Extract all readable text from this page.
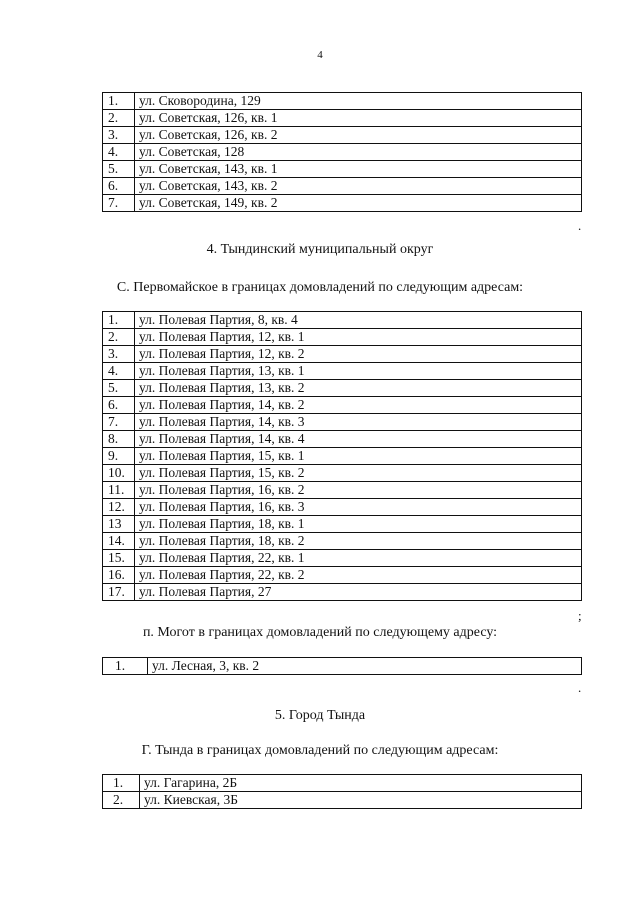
4
1.	ул. Сковородина, 129
2.	ул. Советская, 126, кв. 1
3.	ул. Советская, 126, кв. 2
4.	ул. Советская, 128
5.	ул. Советская, 143, кв. 1
6.	ул. Советская, 143, кв. 2
7.	ул. Советская, 149, кв. 2
.
4. Тындинский муниципальный округ
С. Первомайское в границах домовладений по следующим адресам:
1.	ул. Полевая Партия, 8, кв. 4
2.	ул. Полевая Партия, 12, кв. 1
3.	ул. Полевая Партия, 12, кв. 2
4.	ул. Полевая Партия, 13, кв. 1
5.	ул. Полевая Партия, 13, кв. 2
6.	ул. Полевая Партия, 14, кв. 2
7.	ул. Полевая Партия, 14, кв. 3
8.	ул. Полевая Партия, 14, кв. 4
9.	ул. Полевая Партия, 15, кв. 1
10.	ул. Полевая Партия, 15, кв. 2
11.	ул. Полевая Партия, 16, кв. 2
12.	ул. Полевая Партия, 16, кв. 3
13	ул. Полевая Партия, 18, кв. 1
14.	ул. Полевая Партия, 18, кв. 2
15.	ул. Полевая Партия, 22, кв. 1
16.	ул. Полевая Партия, 22, кв. 2
17.	ул. Полевая Партия, 27
;
п. Могот в границах домовладений по следующему адресу:
1.	ул. Лесная, 3, кв. 2
.
5. Город Тында
Г. Тында в границах домовладений по следующим адресам:
1.	ул. Гагарина, 2Б
2.	ул. Киевская, 3Б
